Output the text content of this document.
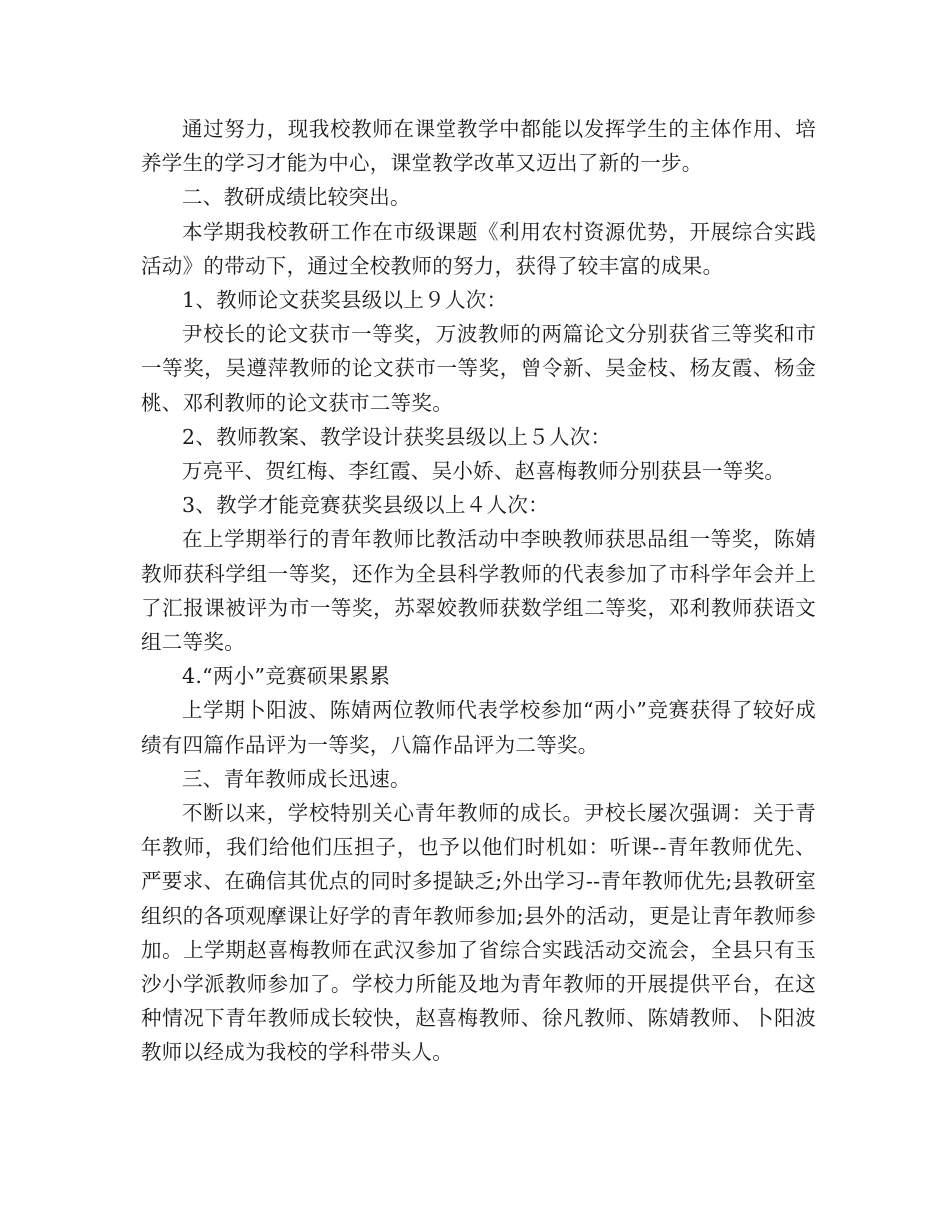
通过努力，现我校教师在课堂教学中都能以发挥学生的主体作用、培养学生的学习才能为中心，课堂教学改革又迈出了新的一步。

二、教研成绩比较突出。

本学期我校教研工作在市级课题《利用农村资源优势，开展综合实践活动》的带动下，通过全校教师的努力，获得了较丰富的成果。

1、教师论文获奖县级以上９人次：

尹校长的论文获市一等奖，万波教师的两篇论文分别获省三等奖和市一等奖，吴遵萍教师的论文获市一等奖，曾令新、吴金枝、杨友霞、杨金桃、邓利教师的论文获市二等奖。

2、教师教案、教学设计获奖县级以上５人次：

万亮平、贺红梅、李红霞、吴小娇、赵喜梅教师分别获县一等奖。

3、教学才能竞赛获奖县级以上４人次：

在上学期举行的青年教师比教活动中李映教师获思品组一等奖，陈婧教师获科学组一等奖，还作为全县科学教师的代表参加了市科学年会并上了汇报课被评为市一等奖，苏翠姣教师获数学组二等奖，邓利教师获语文组二等奖。

4.“两小”竞赛硕果累累

上学期卜阳波、陈婧两位教师代表学校参加“两小”竞赛获得了较好成绩有四篇作品评为一等奖，八篇作品评为二等奖。

三、青年教师成长迅速。

不断以来，学校特别关心青年教师的成长。尹校长屡次强调：关于青年教师，我们给他们压担子，也予以他们时机如：听课--青年教师优先、严要求、在确信其优点的同时多提缺乏;外出学习--青年教师优先;县教研室组织的各项观摩课让好学的青年教师参加;县外的活动，更是让青年教师参加。上学期赵喜梅教师在武汉参加了省综合实践活动交流会，全县只有玉沙小学派教师参加了。学校力所能及地为青年教师的开展提供平台，在这种情况下青年教师成长较快，赵喜梅教师、徐凡教师、陈婧教师、卜阳波教师以经成为我校的学科带头人。
